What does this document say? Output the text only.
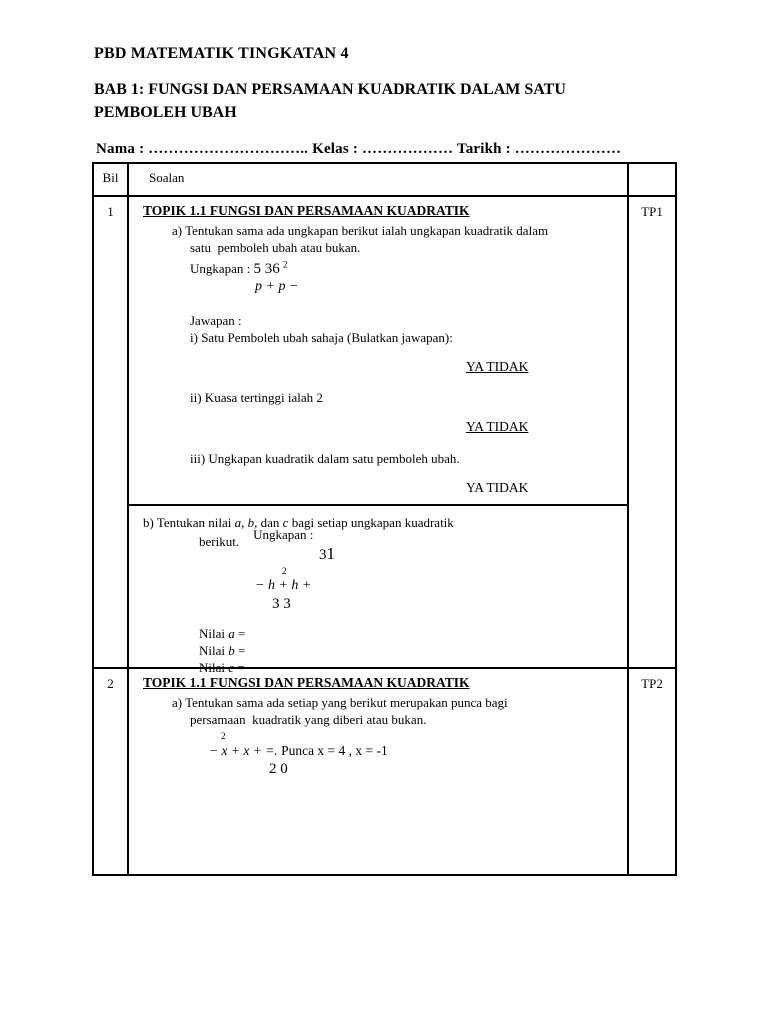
PBD MATEMATIK TINGKATAN 4
BAB 1: FUNGSI DAN PERSAMAAN KUADRATIK DALAM SATU
PEMBOLEH UBAH
Nama : ………………………….. Kelas : ……………… Tarikh : …………………
Bil	Soalan	

1	TOPIK 1.1 FUNGSI DAN PERSAMAAN KUADRATIK
a) Tentukan sama ada ungkapan berikut ialah ungkapan kuadratik dalam
satu  pemboleh ubah atau bukan.
Ungkapan : 5 36 $^2$
p + p −
Jawapan :
i) Satu Pemboleh ubah sahaja (Bulatkan jawapan):
YA TIDAK
ii) Kuasa tertinggi ialah 2
YA TIDAK
iii) Ungkapan kuadratik dalam satu pemboleh ubah.
YA TIDAK
b) Tentukan nilai a, b, dan c bagi setiap ungkapan kuadratik
berikut. Ungkapan :
31
2
− h + h +
3 3
Nilai a =
Nilai b =
Nilai c =

TP1

2	TOPIK 1.1 FUNGSI DAN PERSAMAAN KUADRATIK
a) Tentukan sama ada setiap yang berikut merupakan punca bagi
persamaan  kuadratik yang diberi atau bukan.
2
− x + x + =. Punca x = 4 , x = -1
2 0

TP2
